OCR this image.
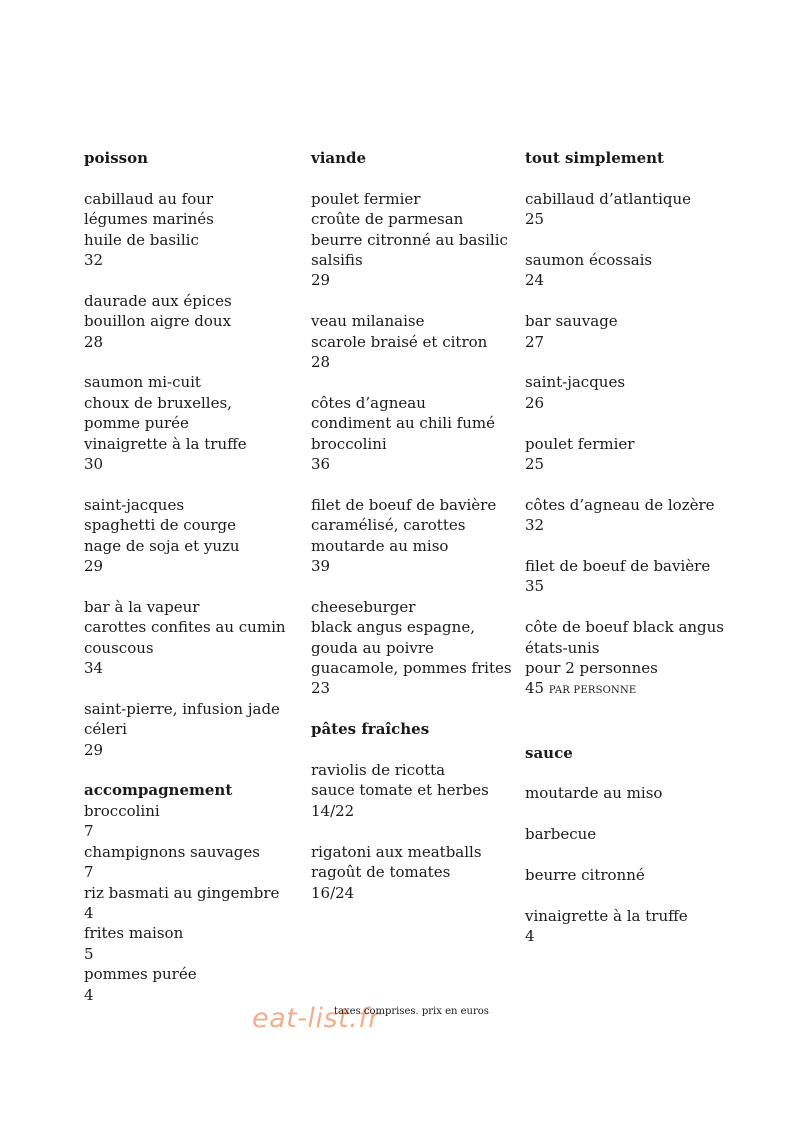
poisson
cabillaud au four
légumes marinés
huile de basilic
32
daurade aux épices
bouillon aigre doux
28
saumon mi-cuit
choux de bruxelles,
pomme purée
vinaigrette à la truffe
30
saint-jacques
spaghetti de courge
nage de soja et yuzu
29
bar à la vapeur
carottes confites au cumin
couscous
34
saint-pierre, infusion jade
céleri
29
accompagnement
broccolini
7
champignons sauvages
7
riz basmati au gingembre
4
frites maison
5
pommes purée
4
viande
poulet fermier
croûte de parmesan
beurre citronné au basilic
salsifis
29
veau milanaise
scarole braisé et citron
28
côtes d’agneau
condiment au chili fumé
broccolini
36
filet de boeuf de bavière
caramélisé, carottes
moutarde au miso
39
cheeseburger
black angus espagne,
gouda au poivre
guacamole, pommes frites
23
pâtes fraîches
raviolis de ricotta
sauce tomate et herbes
14/22
rigatoni aux meatballs
ragoût de tomates
16/24
tout simplement
cabillaud d’atlantique
25
saumon écossais
24
bar sauvage
27
saint-jacques
26
poulet fermier
25
côtes d’agneau de lozère
32
filet de boeuf de bavière
35
côte de boeuf black angus
états-unis
pour 2 personnes
45 PAR PERSONNE
sauce
moutarde au miso
barbecue
beurre citronné
vinaigrette à la truffe
4
eat-list.fr
taxes comprises. prix en euros
